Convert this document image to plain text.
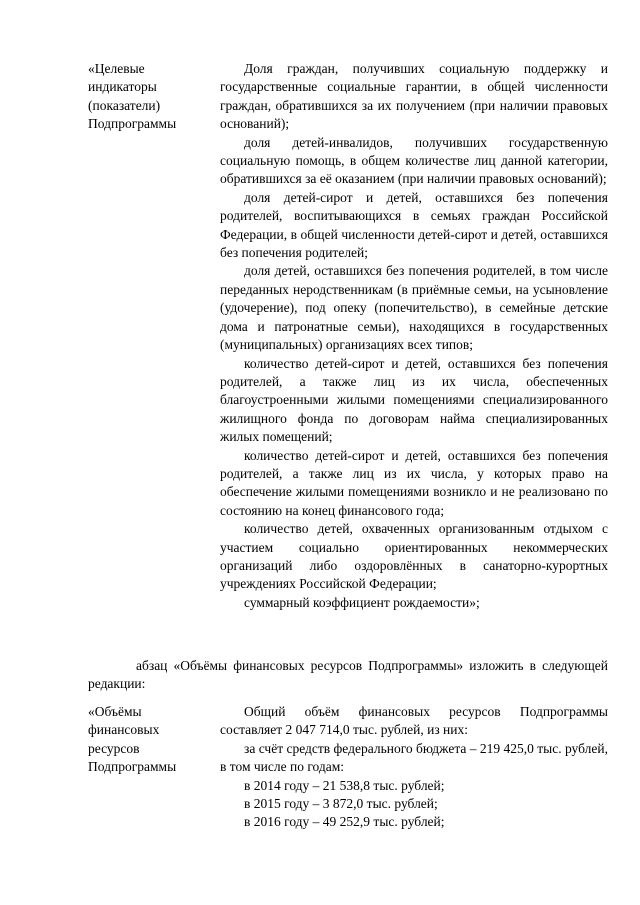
«Целевые индикаторы (показатели) Подпрограммы

Доля граждан, получивших социальную поддержку и государственные социальные гарантии, в общей численности граждан, обратившихся за их получением (при наличии правовых оснований);

доля детей-инвалидов, получивших государственную социальную помощь, в общем количестве лиц данной категории, обратившихся за её оказанием (при наличии правовых оснований);

доля детей-сирот и детей, оставшихся без попечения родителей, воспитывающихся в семьях граждан Российской Федерации, в общей численности детей-сирот и детей, оставшихся без попечения родителей;

доля детей, оставшихся без попечения родителей, в том числе переданных неродственникам (в приёмные семьи, на усыновление (удочерение), под опеку (попечительство), в семейные детские дома и патронатные семьи), находящихся в государственных (муниципальных) организациях всех типов;

количество детей-сирот и детей, оставшихся без попечения родителей, а также лиц из их числа, обеспеченных благоустроенными жилыми помещениями специализированного жилищного фонда по договорам найма специализированных жилых помещений;

количество детей-сирот и детей, оставшихся без попечения родителей, а также лиц из их числа, у которых право на обеспечение жилыми помещениями возникло и не реализовано по состоянию на конец финансового года;

количество детей, охваченных организованным отдыхом с участием социально ориентированных некоммерческих организаций либо оздоровлённых в санаторно-курортных учреждениях Российской Федерации;

суммарный коэффициент рождаемости»;

абзац «Объёмы финансовых ресурсов Подпрограммы» изложить в следующей редакции:

«Объёмы финансовых ресурсов Подпрограммы

Общий объём финансовых ресурсов Подпрограммы составляет 2 047 714,0 тыс. рублей, из них:

за счёт средств федерального бюджета – 219 425,0 тыс. рублей, в том числе по годам:

в 2014 году – 21 538,8 тыс. рублей;

в 2015 году – 3 872,0 тыс. рублей;

в 2016 году – 49 252,9 тыс. рублей;
